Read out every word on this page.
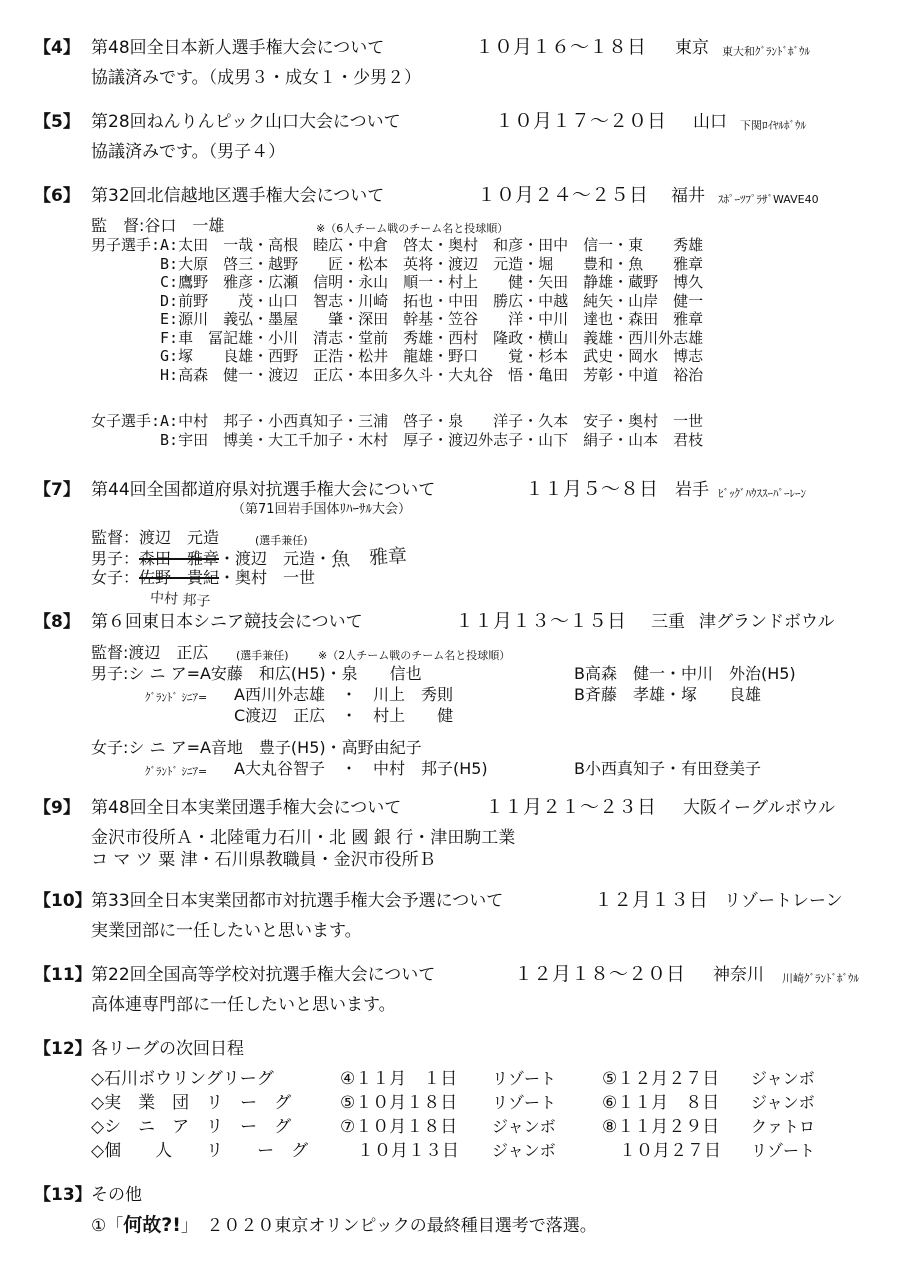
【4】 第48回全日本新人選手権大会について	１０月１６～１８日 東京 東大和ｸﾞﾗﾝﾄﾞﾎﾞｳﾙ
協議済みです。（成男３・成女１・少男２）
【5】 第28回ねんりんピック山口大会について	１０月１７～２０日 山口 下関ﾛｲﾔﾙﾎﾞｳﾙ
協議済みです。（男子４）
【6】 第32回北信越地区選手権大会について	１０月２４～２５日 福井 ｽﾎﾟｰﾂﾌﾟﾗｻﾞWAVE40
監　督:谷口　一雄	※（6人チーム戦のチーム名と投球順）
男子選手:A:太田　一哉・高根　睦広・中倉　啓太・奥村　和彦・田中　信一・東　　秀雄
　　　　 B:大原　啓三・越野　　匠・松本　英将・渡辺　元造・堀　　豊和・魚　　雅章
　　　　 C:鷹野　雅彦・広瀬　信明・永山　順一・村上　　健・矢田　静雄・蔵野　博久
　　　　 D:前野　　茂・山口　智志・川崎　拓也・中田　勝広・中越　純矢・山岸　健一
　　　　 E:源川　義弘・墨屋　　肇・深田　幹基・笠谷　　洋・中川　達也・森田　雅章
　　　　 F:車　冨記雄・小川　清志・堂前　秀雄・西村　隆政・横山　義雄・西川外志雄
　　　　 G:塚　　良雄・西野　正浩・松井　龍雄・野口　　覚・杉本　武史・岡水　博志
　　　　 H:高森　健一・渡辺　正広・本田多久斗・大丸谷　悟・亀田　芳彰・中道　裕治
女子選手:A:中村　邦子・小西真知子・三浦　啓子・泉　　洋子・久本　安子・奥村　一世
　　　　 B:宇田　博美・大工千加子・木村　厚子・渡辺外志子・山下　絹子・山本　君枝
【7】 第44回全国都道府県対抗選手権大会について	１１月５～８日 岩手 ﾋﾞｯｸﾞﾊｳｽｽｰﾊﾟｰﾚｰﾝ
（第71回岩手国体ﾘﾊｰｻﾙ大会）
監督：渡辺　元造	(選手兼任)
男子：森田　雅章・渡辺　元造・魚　雅章
女子：佐野　貴紀・奥村　一世
中村 邦子
【8】 第６回東日本シニア競技会について	１１月１３～１５日 三重 津グランドボウル
監督:渡辺　正広	(選手兼任)	※（2人チーム戦のチーム名と投球順）
男子:シ ニ ア=A安藤　和広(H5)・泉　　信也	B高森　健一・中川　外治(H5)
ｸﾞﾗﾝﾄﾞ ｼﾆｱ= A西川外志雄　・　川上　秀則	B斉藤　孝雄・塚　　良雄
C渡辺　正広　・　村上　　健
女子:シ ニ ア=A音地　豊子(H5)・高野由紀子
ｸﾞﾗﾝﾄﾞ ｼﾆｱ= A大丸谷智子　・　中村　邦子(H5)	B小西真知子・有田登美子
【9】 第48回全日本実業団選手権大会について	１１月２１～２３日 大阪イーグルボウル
金沢市役所Ａ・北陸電力石川・北 國 銀 行・津田駒工業
コ マ ツ 粟 津・石川県教職員・金沢市役所Ｂ
【10】 第33回全日本実業団都市対抗選手権大会予選について	１２月１３日 リゾートレーン
実業団部に一任したいと思います。
【11】 第22回全国高等学校対抗選手権大会について	１２月１８～２０日 神奈川 川崎ｸﾞﾗﾝﾄﾞﾎﾞｳﾙ
高体連専門部に一任したいと思います。
【12】 各リーグの次回日程
◇石川ボウリングリーグ	④１１月　１日 リゾート	⑤１２月２７日 ジャンボ
◇実　業　団　リ　ー　グ	⑤１０月１８日 リゾート	⑥１１月　８日 ジャンボ
◇シ　ニ　ア　リ　ー　グ	⑦１０月１８日 ジャンボ	⑧１１月２９日 クァトロ
◇個　　人　　リ　　ー　グ 　１０月１３日 ジャンボ	　１０月２７日 リゾート
【13】 その他
①「何故?!」　２０２０東京オリンピックの最終種目選考で落選。
